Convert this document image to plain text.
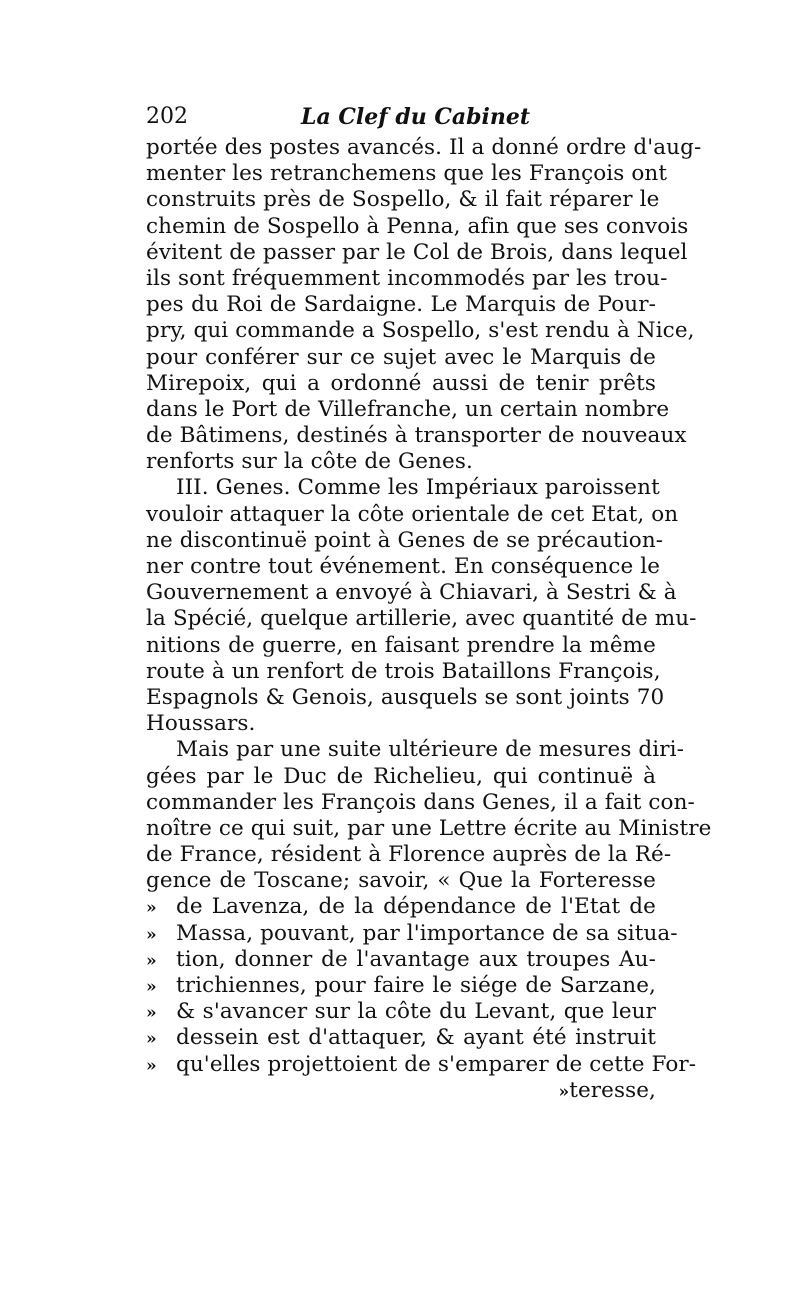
202	La Clef du Cabinet
portée des postes avancés. Il a donné ordre d'aug-
menter les retranchemens que les François ont
construits près de Sospello, & il fait réparer le
chemin de Sospello à Penna, afin que ses convois
évitent de passer par le Col de Brois, dans lequel
ils sont fréquemment incommodés par les trou-
pes du Roi de Sardaigne. Le Marquis de Pour-
pry, qui commande a Sospello, s'est rendu à Nice,
pour conférer sur ce sujet avec le Marquis de
Mirepoix, qui a ordonné aussi de tenir prêts
dans le Port de Villefranche, un certain nombre
de Bâtimens, destinés à transporter de nouveaux
renforts sur la côte de Genes.
III. Genes. Comme les Impériaux paroissent
vouloir attaquer la côte orientale de cet Etat, on
ne discontinuë point à Genes de se précaution-
ner contre tout événement. En conséquence le
Gouvernement a envoyé à Chiavari, à Sestri & à
la Spécié, quelque artillerie, avec quantité de mu-
nitions de guerre, en faisant prendre la même
route à un renfort de trois Bataillons François,
Espagnols & Genois, ausquels se sont joints 70
Houssars.
Mais par une suite ultérieure de mesures diri-
gées par le Duc de Richelieu, qui continuë à
commander les François dans Genes, il a fait con-
noître ce qui suit, par une Lettre écrite au Ministre
de France, résident à Florence auprès de la Ré-
gence de Toscane; savoir, « Que la Forteresse
» de Lavenza, de la dépendance de l'Etat de
» Massa, pouvant, par l'importance de sa situa-
» tion, donner de l'avantage aux troupes Au-
» trichiennes, pour faire le siége de Sarzane,
» & s'avancer sur la côte du Levant, que leur
» dessein est d'attaquer, & ayant été instruit
» qu'elles projettoient de s'emparer de cette For-
»teresse,
